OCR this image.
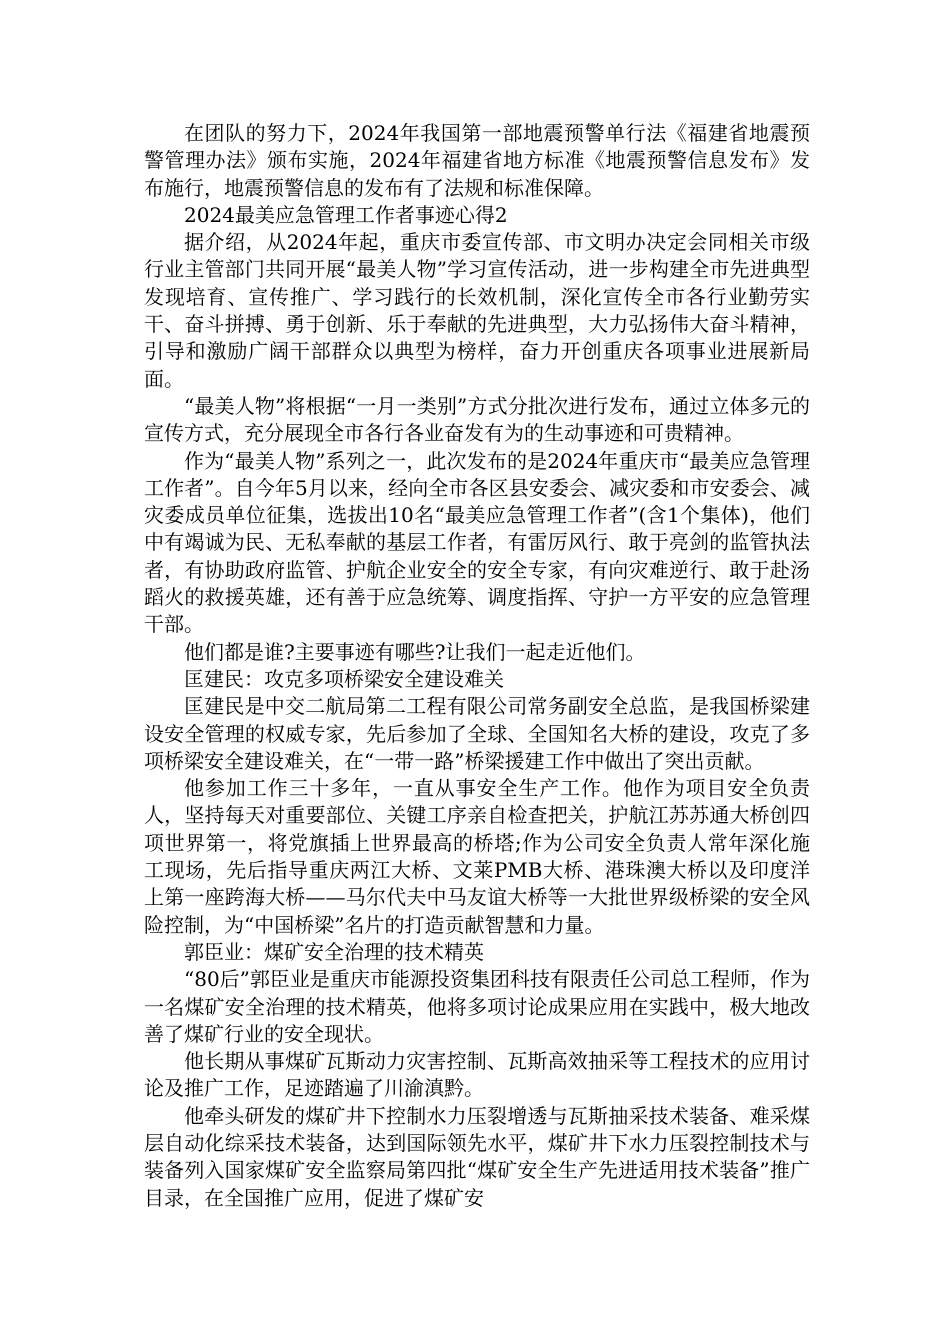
在团队的努力下，2024年我国第一部地震预警单行法《福建省地震预警管理办法》颁布实施，2024年福建省地方标准《地震预警信息发布》发布施行，地震预警信息的发布有了法规和标准保障。

2024最美应急管理工作者事迹心得2

据介绍，从2024年起，重庆市委宣传部、市文明办决定会同相关市级行业主管部门共同开展“最美人物”学习宣传活动，进一步构建全市先进典型发现培育、宣传推广、学习践行的长效机制，深化宣传全市各行业勤劳实干、奋斗拼搏、勇于创新、乐于奉献的先进典型，大力弘扬伟大奋斗精神，引导和激励广阔干部群众以典型为榜样，奋力开创重庆各项事业进展新局面。

“最美人物”将根据“一月一类别”方式分批次进行发布，通过立体多元的宣传方式，充分展现全市各行各业奋发有为的生动事迹和可贵精神。

作为“最美人物”系列之一，此次发布的是2024年重庆市“最美应急管理工作者”。自今年5月以来，经向全市各区县安委会、减灾委和市安委会、减灾委成员单位征集，选拔出10名“最美应急管理工作者”(含1个集体)，他们中有竭诚为民、无私奉献的基层工作者，有雷厉风行、敢于亮剑的监管执法者，有协助政府监管、护航企业安全的安全专家，有向灾难逆行、敢于赴汤蹈火的救援英雄，还有善于应急统筹、调度指挥、守护一方平安的应急管理干部。

他们都是谁?主要事迹有哪些?让我们一起走近他们。

匡建民：攻克多项桥梁安全建设难关

匡建民是中交二航局第二工程有限公司常务副安全总监，是我国桥梁建设安全管理的权威专家，先后参加了全球、全国知名大桥的建设，攻克了多项桥梁安全建设难关，在“一带一路”桥梁援建工作中做出了突出贡献。

他参加工作三十多年，一直从事安全生产工作。他作为项目安全负责人，坚持每天对重要部位、关键工序亲自检查把关，护航江苏苏通大桥创四项世界第一，将党旗插上世界最高的桥塔;作为公司安全负责人常年深化施工现场，先后指导重庆两江大桥、文莱PMB大桥、港珠澳大桥以及印度洋上第一座跨海大桥——马尔代夫中马友谊大桥等一大批世界级桥梁的安全风险控制，为“中国桥梁”名片的打造贡献智慧和力量。

郭臣业：煤矿安全治理的技术精英

“80后”郭臣业是重庆市能源投资集团科技有限责任公司总工程师，作为一名煤矿安全治理的技术精英，他将多项讨论成果应用在实践中，极大地改善了煤矿行业的安全现状。

他长期从事煤矿瓦斯动力灾害控制、瓦斯高效抽采等工程技术的应用讨论及推广工作，足迹踏遍了川渝滇黔。

他牵头研发的煤矿井下控制水力压裂增透与瓦斯抽采技术装备、难采煤层自动化综采技术装备，达到国际领先水平，煤矿井下水力压裂控制技术与装备列入国家煤矿安全监察局第四批“煤矿安全生产先进适用技术装备”推广目录，在全国推广应用，促进了煤矿安
